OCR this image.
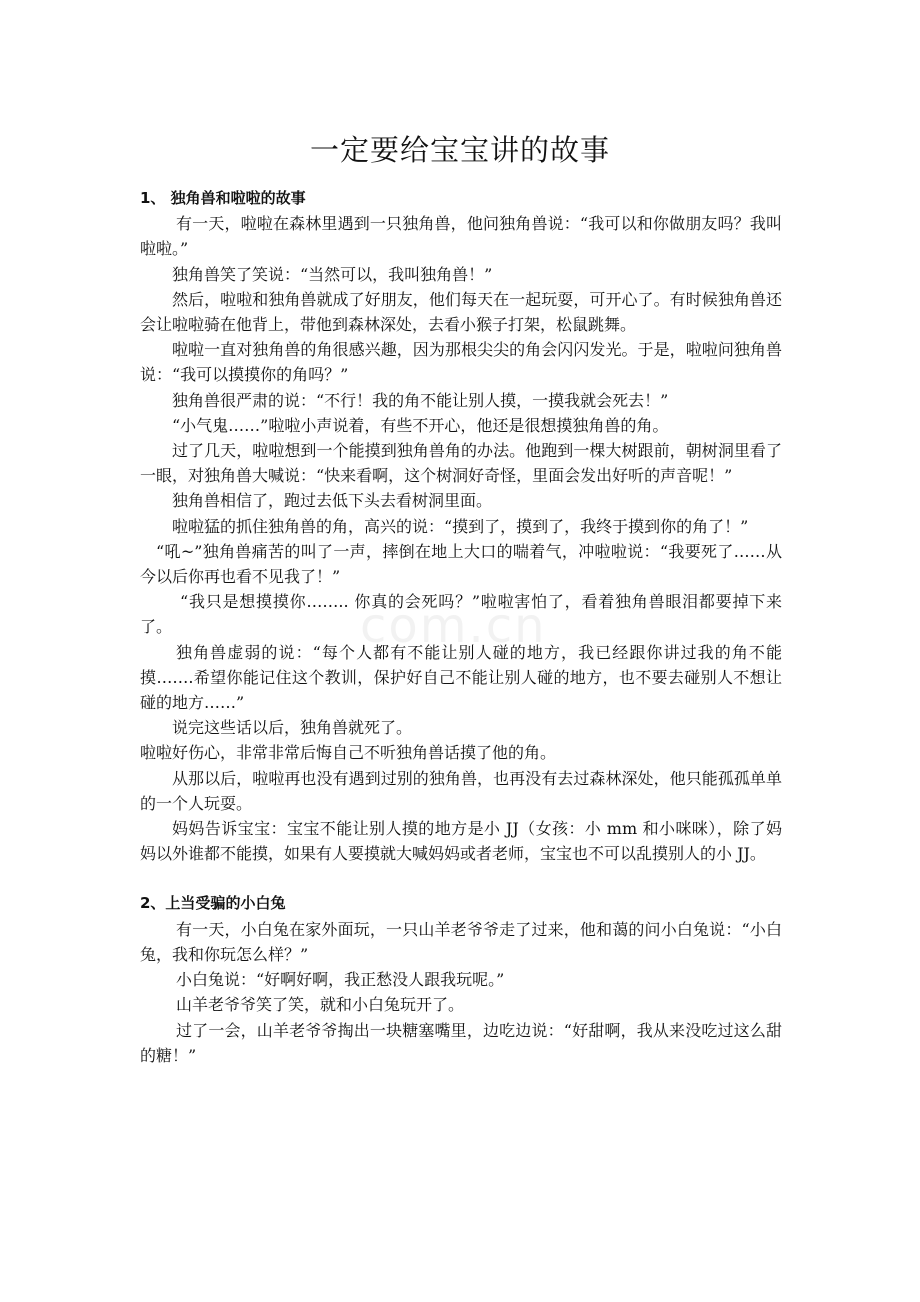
一定要给宝宝讲的故事
com.cn

1、 独角兽和啦啦的故事

有一天，啦啦在森林里遇到一只独角兽，他问独角兽说：“我可以和你做朋友吗？我叫啦啦。”

独角兽笑了笑说：“当然可以，我叫独角兽！”

然后，啦啦和独角兽就成了好朋友，他们每天在一起玩耍，可开心了。有时候独角兽还会让啦啦骑在他背上，带他到森林深处，去看小猴子打架，松鼠跳舞。

啦啦一直对独角兽的角很感兴趣，因为那根尖尖的角会闪闪发光。于是，啦啦问独角兽说：“我可以摸摸你的角吗？”

独角兽很严肃的说：“不行！我的角不能让别人摸，一摸我就会死去！”

“小气鬼……”啦啦小声说着，有些不开心，他还是很想摸独角兽的角。

过了几天，啦啦想到一个能摸到独角兽角的办法。他跑到一棵大树跟前，朝树洞里看了一眼，对独角兽大喊说：“快来看啊，这个树洞好奇怪，里面会发出好听的声音呢！”

独角兽相信了，跑过去低下头去看树洞里面。

啦啦猛的抓住独角兽的角，高兴的说：“摸到了，摸到了，我终于摸到你的角了！”

“吼~”独角兽痛苦的叫了一声，摔倒在地上大口的喘着气，冲啦啦说：“我要死了……从今以后你再也看不见我了！”

“我只是想摸摸你…….. 你真的会死吗？”啦啦害怕了，看着独角兽眼泪都要掉下来了。

独角兽虚弱的说：“每个人都有不能让别人碰的地方，我已经跟你讲过我的角不能摸…….希望你能记住这个教训，保护好自己不能让别人碰的地方，也不要去碰别人不想让碰的地方……”

说完这些话以后，独角兽就死了。

啦啦好伤心，非常非常后悔自己不听独角兽话摸了他的角。

从那以后，啦啦再也没有遇到过别的独角兽，也再没有去过森林深处，他只能孤孤单单的一个人玩耍。

妈妈告诉宝宝：宝宝不能让别人摸的地方是小 JJ（女孩：小 mm 和小咪咪），除了妈妈以外谁都不能摸，如果有人要摸就大喊妈妈或者老师，宝宝也不可以乱摸别人的小 JJ。

2、上当受骗的小白兔

有一天，小白兔在家外面玩，一只山羊老爷爷走了过来，他和蔼的问小白兔说：“小白兔，我和你玩怎么样？”

小白兔说：“好啊好啊，我正愁没人跟我玩呢。”

山羊老爷爷笑了笑，就和小白兔玩开了。

过了一会，山羊老爷爷掏出一块糖塞嘴里，边吃边说：“好甜啊，我从来没吃过这么甜的糖！”
